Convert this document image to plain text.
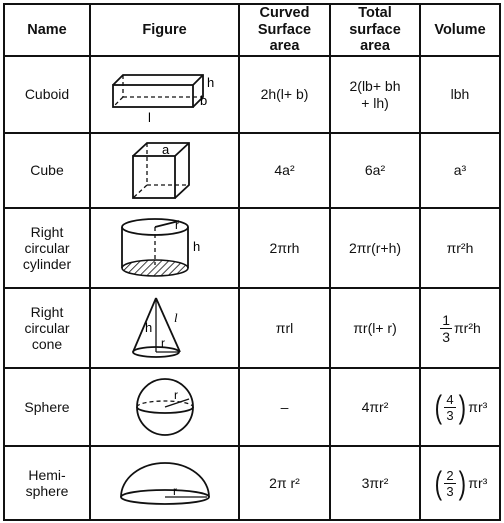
Name	Figure	Curved
Surface
area	Total
surface
area	Volume

Cuboid	h
b
l	2h(l+ b)	2(lb+ bh
+ lh)	lbh

Cube	a	4a²	6a²	a³

Right
circular
cylinder	r
h	2πrh	2πr(r+h)	πr²h

Right
circular
cone	h
r
l	πrl	πr(l+ r)	$\frac{1}{3} \pi r^2h$

Sphere	r	–	4πr²	( $\frac{4}{3}$ ) πr³

Hemi-
sphere	r	2π r²	3πr²	( $\frac{2}{3}$ ) πr³
